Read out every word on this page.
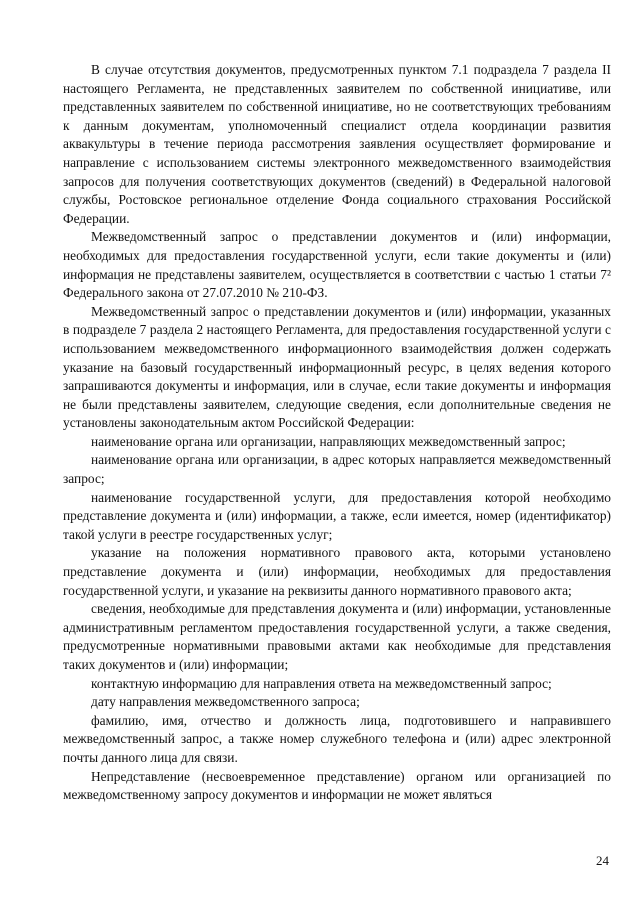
В случае отсутствия документов, предусмотренных пунктом 7.1 подраздела 7 раздела II настоящего Регламента, не представленных заявителем по собственной инициативе, или представленных заявителем по собственной инициативе, но не соответствующих требованиям к данным документам, уполномоченный специалист отдела координации развития аквакультуры в течение периода рассмотрения заявления осуществляет формирование и направление с использованием системы электронного межведомственного взаимодействия запросов для получения соответствующих документов (сведений) в Федеральной налоговой службы, Ростовское региональное отделение Фонда социального страхования Российской Федерации.

Межведомственный запрос о представлении документов и (или) информации, необходимых для предоставления государственной услуги, если такие документы и (или) информация не представлены заявителем, осуществляется в соответствии с частью 1 статьи 7² Федерального закона от 27.07.2010 № 210-ФЗ.

Межведомственный запрос о представлении документов и (или) информации, указанных в подразделе 7 раздела 2 настоящего Регламента, для предоставления государственной услуги с использованием межведомственного информационного взаимодействия должен содержать указание на базовый государственный информационный ресурс, в целях ведения которого запрашиваются документы и информация, или в случае, если такие документы и информация не были представлены заявителем, следующие сведения, если дополнительные сведения не установлены законодательным актом Российской Федерации:

наименование органа или организации, направляющих межведомственный запрос;

наименование органа или организации, в адрес которых направляется межведомственный запрос;

наименование государственной услуги, для предоставления которой необходимо представление документа и (или) информации, а также, если имеется, номер (идентификатор) такой услуги в реестре государственных услуг;

указание на положения нормативного правового акта, которыми установлено представление документа и (или) информации, необходимых для предоставления государственной услуги, и указание на реквизиты данного нормативного правового акта;

сведения, необходимые для представления документа и (или) информации, установленные административным регламентом предоставления государственной услуги, а также сведения, предусмотренные нормативными правовыми актами как необходимые для представления таких документов и (или) информации;

контактную информацию для направления ответа на межведомственный запрос;

дату направления межведомственного запроса;

фамилию, имя, отчество и должность лица, подготовившего и направившего межведомственный запрос, а также номер служебного телефона и (или) адрес электронной почты данного лица для связи.

Непредставление (несвоевременное представление) органом или организацией по межведомственному запросу документов и информации не может являться

24
